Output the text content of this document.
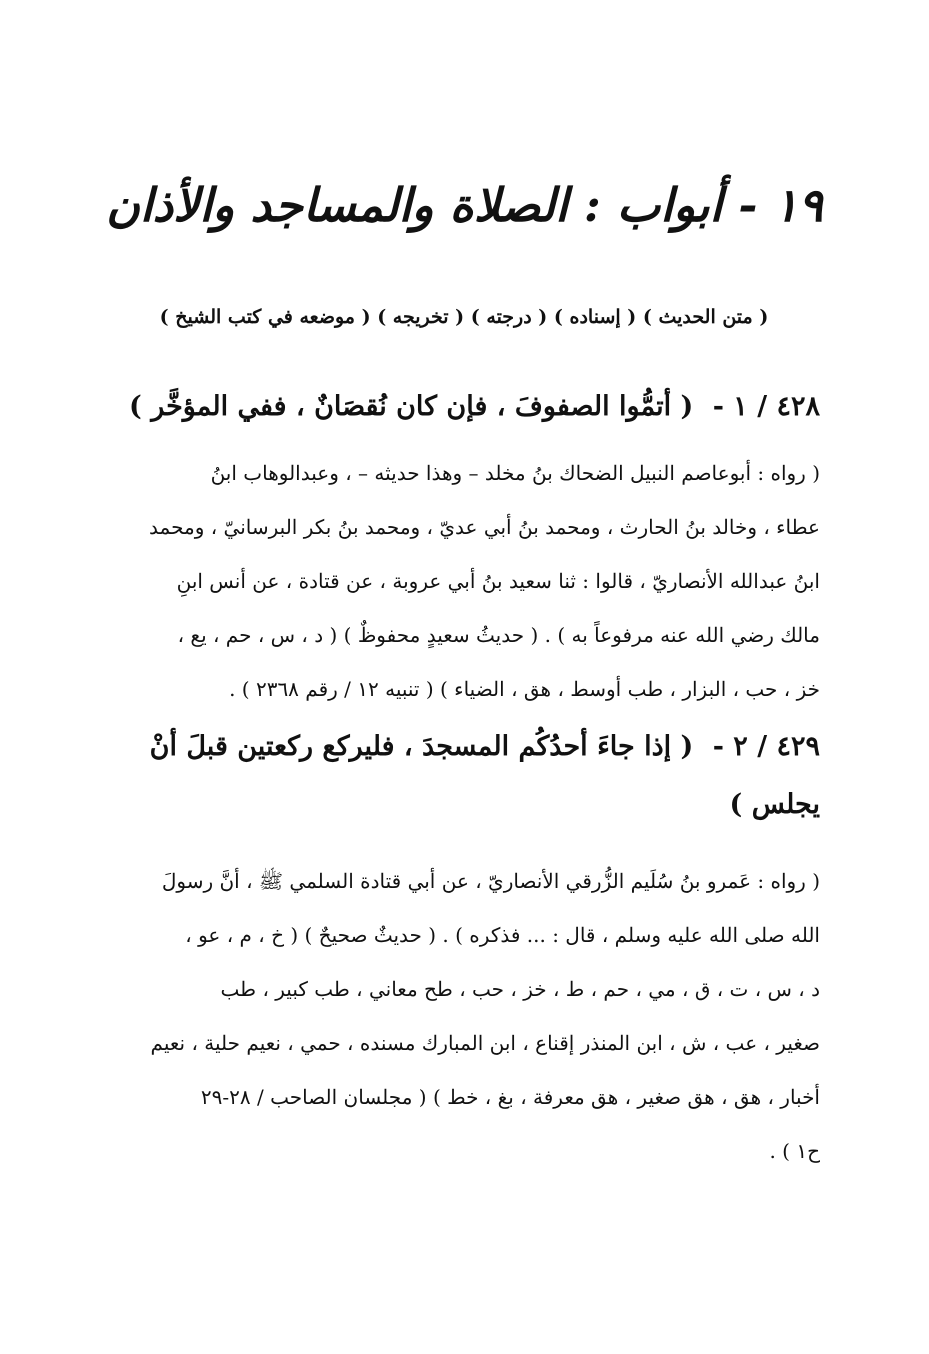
١٩ - أبواب : الصلاة والمساجد والأذان
( متن الحديث ) ( إسناده ) ( درجته ) ( تخريجه ) ( موضعه في كتب الشيخ )
٤٢٨ / ١ - ( أتمُّوا الصفوفَ ، فإن كان نُقصَانٌ ، ففي المؤخَّر )
( رواه : أبوعاصم النبيل الضحاك بنُ مخلد – وهذا حديثه – ، وعبدالوهاب ابنُ
عطاء ، وخالد بنُ الحارث ، ومحمد بنُ أبي عديّ ، ومحمد بنُ بكر البرسانيّ ، ومحمد
ابنُ عبدالله الأنصاريّ ، قالوا : ثنا سعيد بنُ أبي عروبة ، عن قتادة ، عن أنس ابنِ
مالك رضي الله عنه مرفوعاً به ) . ( حديثُ سعيدٍ محفوظٌ ) ( د ، س ، حم ، يع ،
خز ، حب ، البزار ، طب أوسط ، هق ، الضياء ) ( تنبيه ١٢ / رقم ٢٣٦٨ ) .
٤٢٩ / ٢ - ( إذا جاءَ أحدُكُم المسجدَ ، فليركع ركعتين قبلَ أنْ
يجلس )
( رواه : عَمرو بنُ سُلَيم الزُّرقي الأنصاريّ ، عن أبي قتادة السلمي ﷺ ، أنَّ رسولَ
الله صلى الله عليه وسلم ، قال : ... فذكره ) . ( حديثٌ صحيحٌ ) ( خ ، م ، عو ،
د ، س ، ت ، ق ، مي ، حم ، ط ، خز ، حب ، طح معاني ، طب كبير ، طب
صغير ، عب ، ش ، ابن المنذر إقناع ، ابن المبارك مسنده ، حمي ، نعيم حلية ، نعيم
أخبار ، هق ، هق صغير ، هق معرفة ، بغ ، خط ) ( مجلسان الصاحب / ٢٨-٢٩
ح١ ) .
